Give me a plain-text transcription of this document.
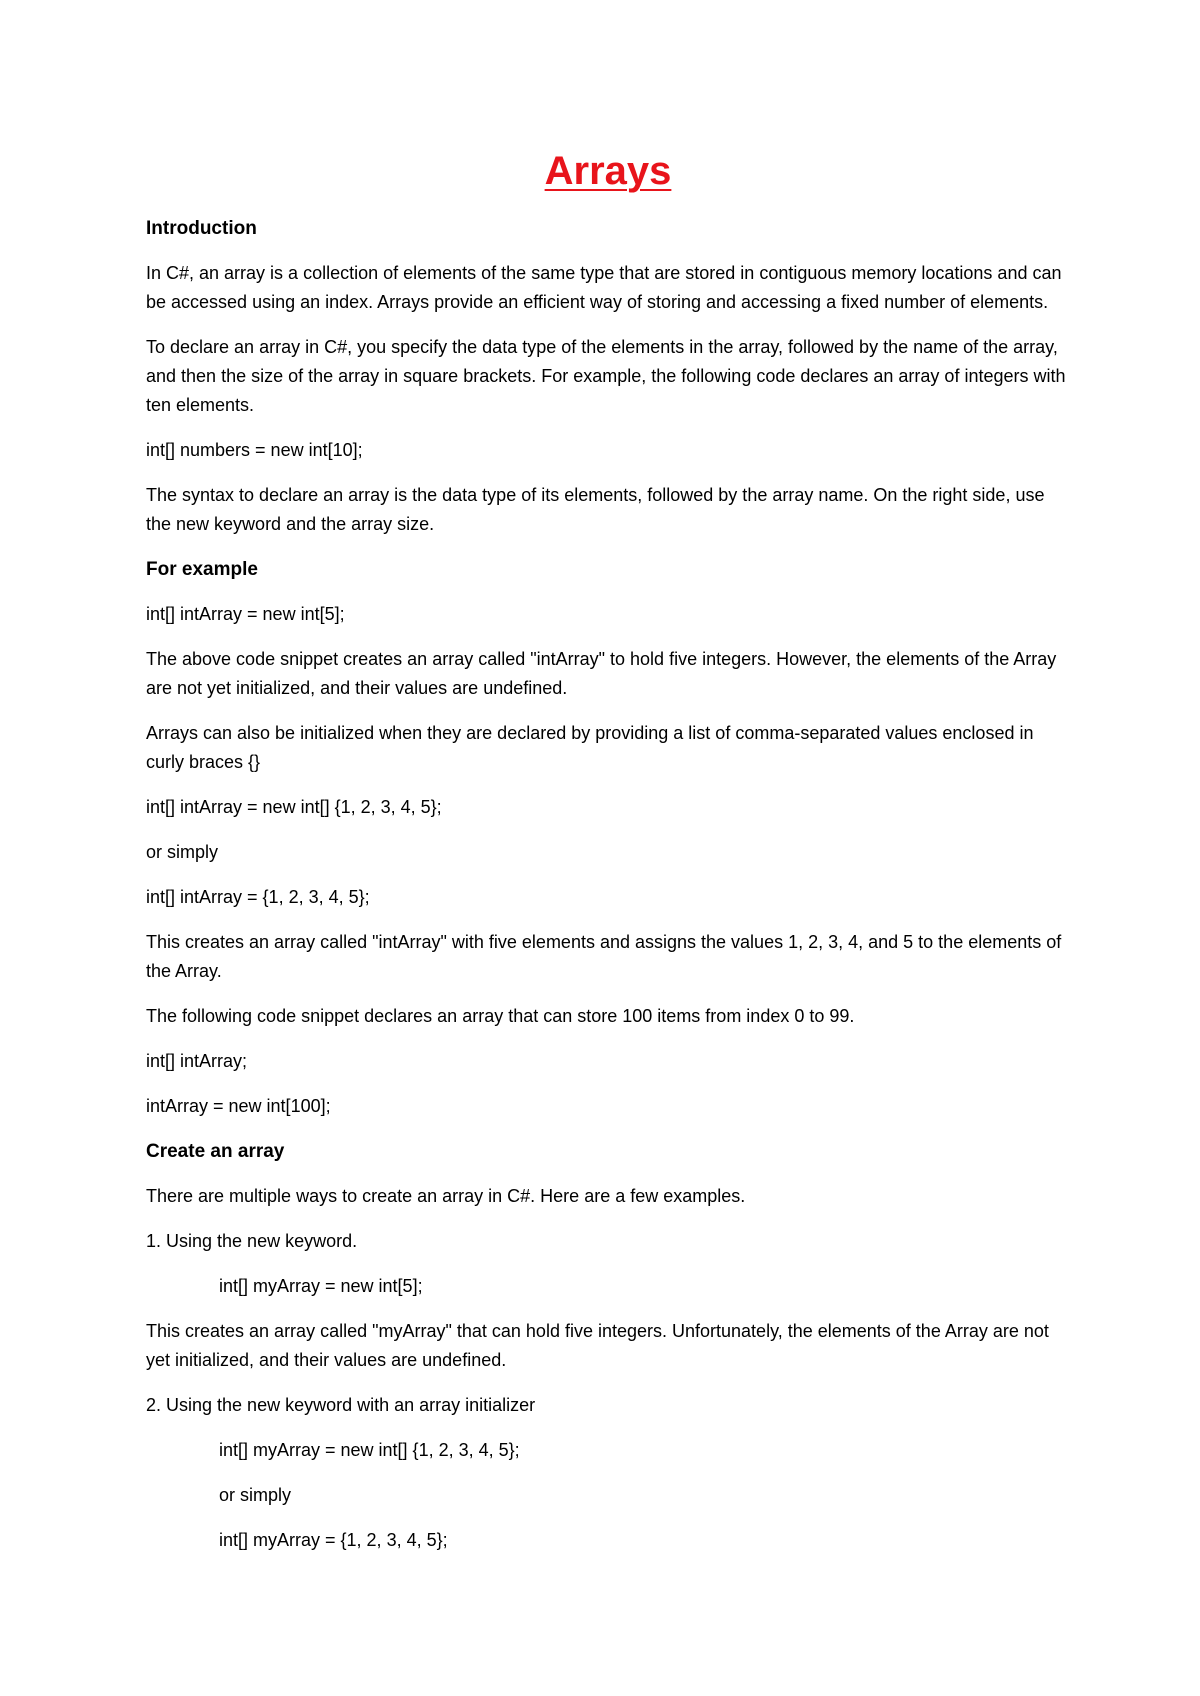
Arrays
Introduction
In C#, an array is a collection of elements of the same type that are stored in contiguous memory locations and can be accessed using an index. Arrays provide an efficient way of storing and accessing a fixed number of elements.
To declare an array in C#, you specify the data type of the elements in the array, followed by the name of the array, and then the size of the array in square brackets. For example, the following code declares an array of integers with ten elements.
int[] numbers = new int[10];
The syntax to declare an array is the data type of its elements, followed by the array name. On the right side, use the new keyword and the array size.
For example
int[] intArray = new int[5];
The above code snippet creates an array called "intArray" to hold five integers. However, the elements of the Array are not yet initialized, and their values are undefined.
Arrays can also be initialized when they are declared by providing a list of comma-separated values enclosed in curly braces {}
int[] intArray = new int[] {1, 2, 3, 4, 5};
or simply
int[] intArray = {1, 2, 3, 4, 5};
This creates an array called "intArray" with five elements and assigns the values 1, 2, 3, 4, and 5 to the elements of the Array.
The following code snippet declares an array that can store 100 items from index 0 to 99.
int[] intArray;
intArray = new int[100];
Create an array
There are multiple ways to create an array in C#. Here are a few examples.
1. Using the new keyword.
int[] myArray = new int[5];
This creates an array called "myArray" that can hold five integers. Unfortunately, the elements of the Array are not yet initialized, and their values are undefined.
2. Using the new keyword with an array initializer
int[] myArray = new int[] {1, 2, 3, 4, 5};
or simply
int[] myArray = {1, 2, 3, 4, 5};
